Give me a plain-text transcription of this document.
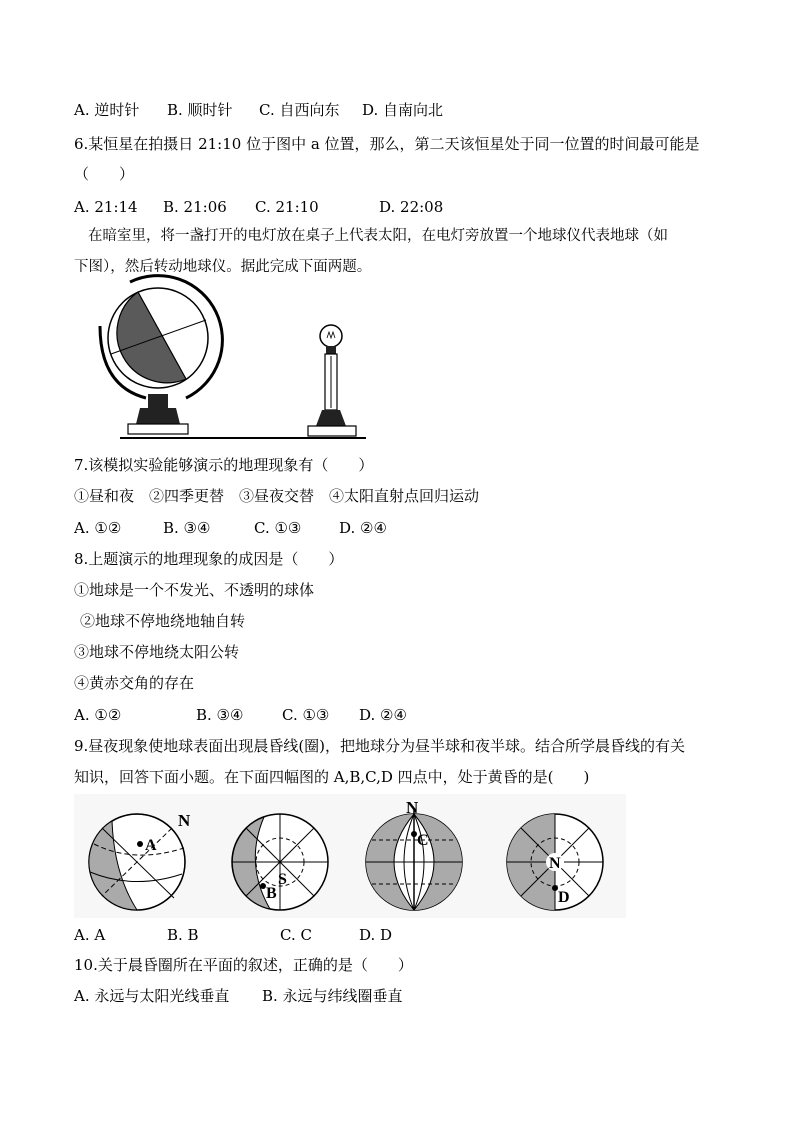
A. 逆时针 B. 顺时针 C. 自西向东 D. 自南向北
6.某恒星在拍摄日 21:10 位于图中 a 位置，那么，第二天该恒星处于同一位置的时间最可能是
（　　）
A. 21:14 B. 21:06 C. 21:10	D. 22:08
在暗室里，将一盏打开的电灯放在桌子上代表太阳，在电灯旁放置一个地球仪代表地球（如
下图），然后转动地球仪。据此完成下面两题。
7.该模拟实验能够演示的地理现象有（　　）
①昼和夜　②四季更替　③昼夜交替　④太阳直射点回归运动
A. ①②	B. ③④	C. ①③	D. ②④
8.上题演示的地理现象的成因是（　　）
①地球是一个不发光、不透明的球体
②地球不停地绕地轴自转
③地球不停地绕太阳公转
④黄赤交角的存在
A. ①②	B. ③④	C. ①③ D. ②④
9.昼夜现象使地球表面出现晨昏线(圈)，把地球分为昼半球和夜半球。结合所学晨昏线的有关
知识，回答下面小题。在下面四幅图的 A,B,C,D 四点中，处于黄昏的是(　　)
N
A
B
S
N
C
N
D
A. A	B. B	C. C	D. D
10.关于晨昏圈所在平面的叙述，正确的是（　　）
A. 永远与太阳光线垂直 B. 永远与纬线圈垂直
